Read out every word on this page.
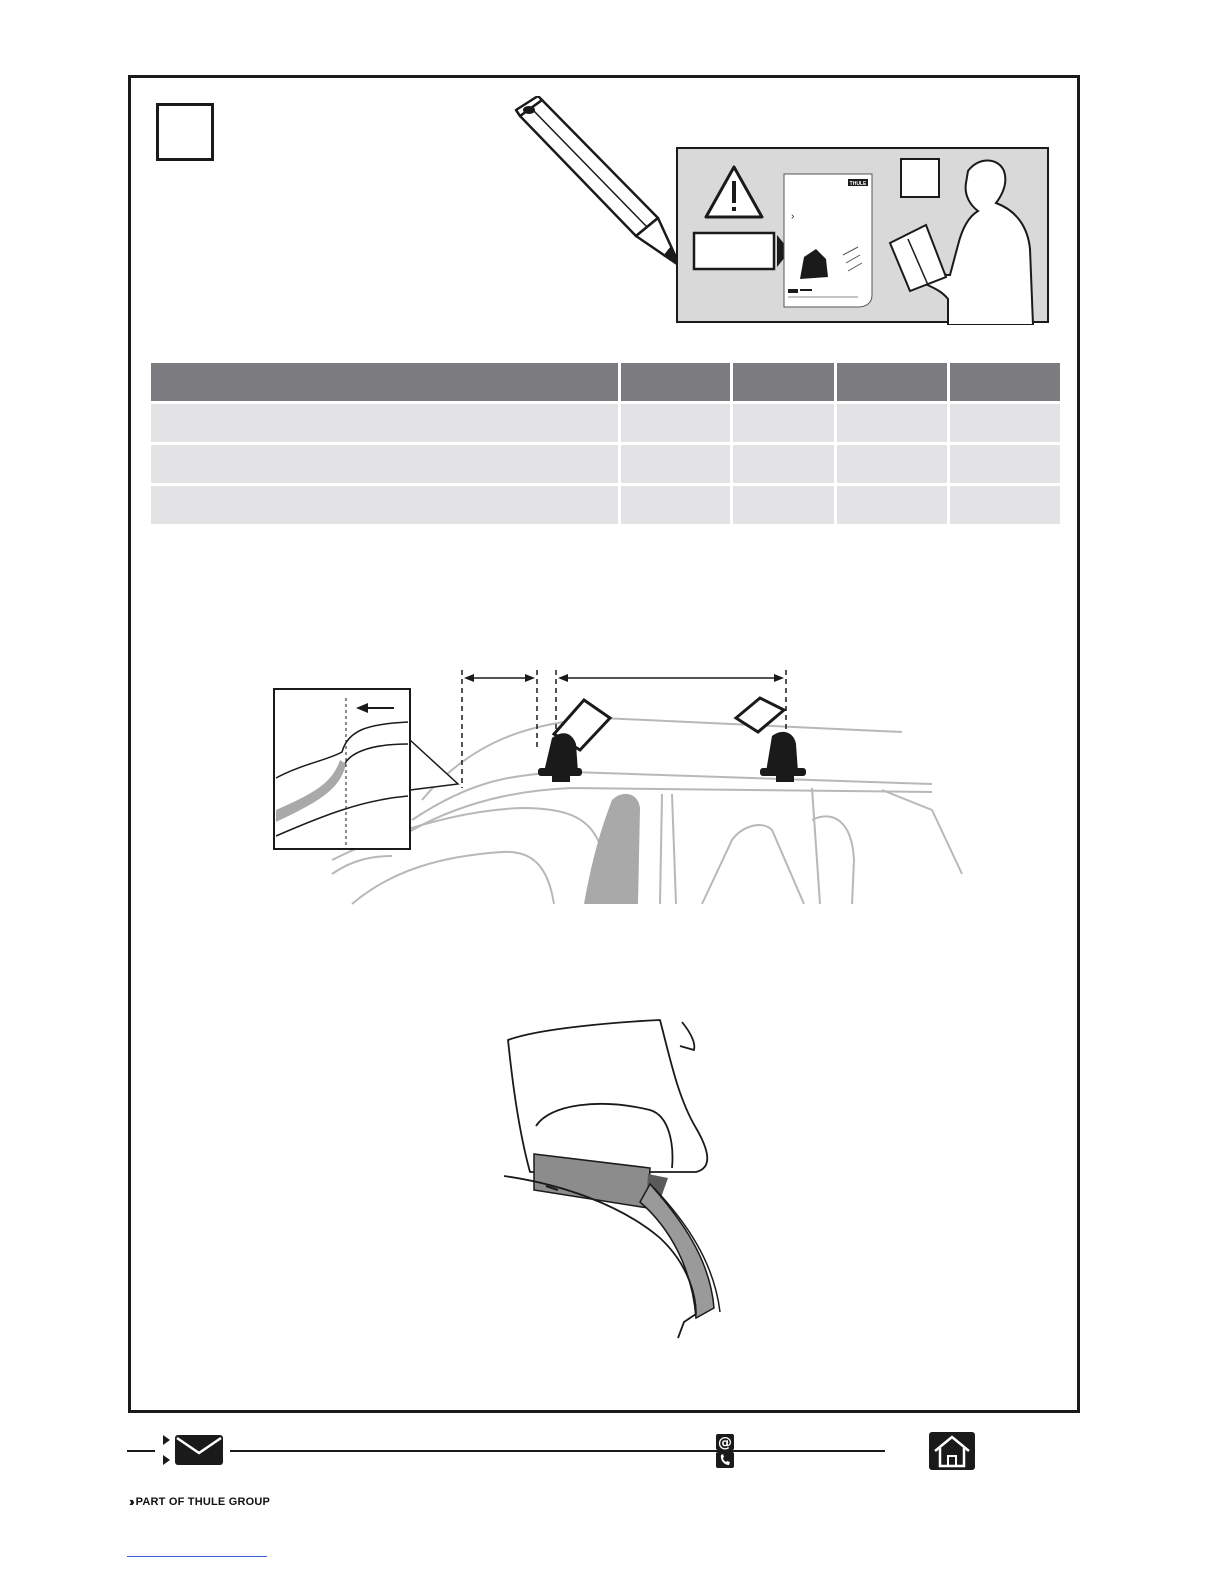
THULE
›
@
›› PART OF THULE GROUP
